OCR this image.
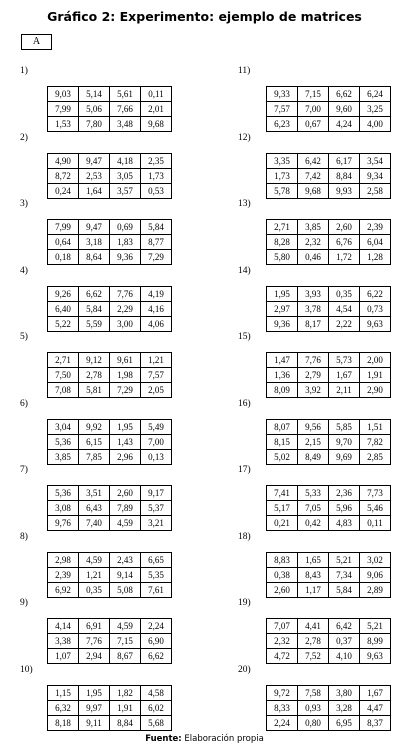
Gráfico 2: Experimento: ejemplo de matrices
A
1)
9,03	5,14	5,61	0,11
7,99	5,06	7,66	2,01
1,53	7,80	3,48	9,68
2)
4,90	9,47	4,18	2,35
8,72	2,53	3,05	1,73
0,24	1,64	3,57	0,53
3)
7,99	9,47	0,69	5,84
0,64	3,18	1,83	8,77
0,18	8,64	9,36	7,29
4)
9,26	6,62	7,76	4,19
6,40	5,84	2,29	4,16
5,22	5,59	3,00	4,06
5)
2,71	9,12	9,61	1,21
7,50	2,78	1,98	7,57
7,08	5,81	7,29	2,05
6)
3,04	9,92	1,95	5,49
5,36	6,15	1,43	7,00
3,85	7,85	2,96	0,13
7)
5,36	3,51	2,60	9,17
3,08	6,43	7,89	5,37
9,76	7,40	4,59	3,21
8)
2,98	4,59	2,43	6,65
2,39	1,21	9,14	5,35
6,92	0,35	5,08	7,61
9)
4,14	6,91	4,59	2,24
3,38	7,76	7,15	6,90
1,07	2,94	8,67	6,62
10)
1,15	1,95	1,82	4,58
6,32	9,97	1,91	6,02
8,18	9,11	8,84	5,68
11)
9,33	7,15	6,62	6,24
7,57	7,00	9,60	3,25
6,23	0,67	4,24	4,00
12)
3,35	6,42	6,17	3,54
1,73	7,42	8,84	9,34
5,78	9,68	9,93	2,58
13)
2,71	3,85	2,60	2,39
8,28	2,32	6,76	6,04
5,80	0,46	1,72	1,28
14)
1,95	3,93	0,35	6,22
2,97	3,78	4,54	0,73
9,36	8,17	2,22	9,63
15)
1,47	7,76	5,73	2,00
1,36	2,79	1,67	1,91
8,09	3,92	2,11	2,90
16)
8,07	9,56	5,85	1,51
8,15	2,15	9,70	7,82
5,02	8,49	9,69	2,85
17)
7,41	5,33	2,36	7,73
5,17	7,05	5,96	5,46
0,21	0,42	4,83	0,11
18)
8,83	1,65	5,21	3,02
0,38	8,43	7,34	9,06
2,60	1,17	5,84	2,89
19)
7,07	4,41	6,42	5,21
2,32	2,78	0,37	8,99
4,72	7,52	4,10	9,63
20)
9,72	7,58	3,80	1,67
8,33	0,93	3,28	4,47
2,24	0,80	6,95	8,37
Fuente: Elaboración propia
